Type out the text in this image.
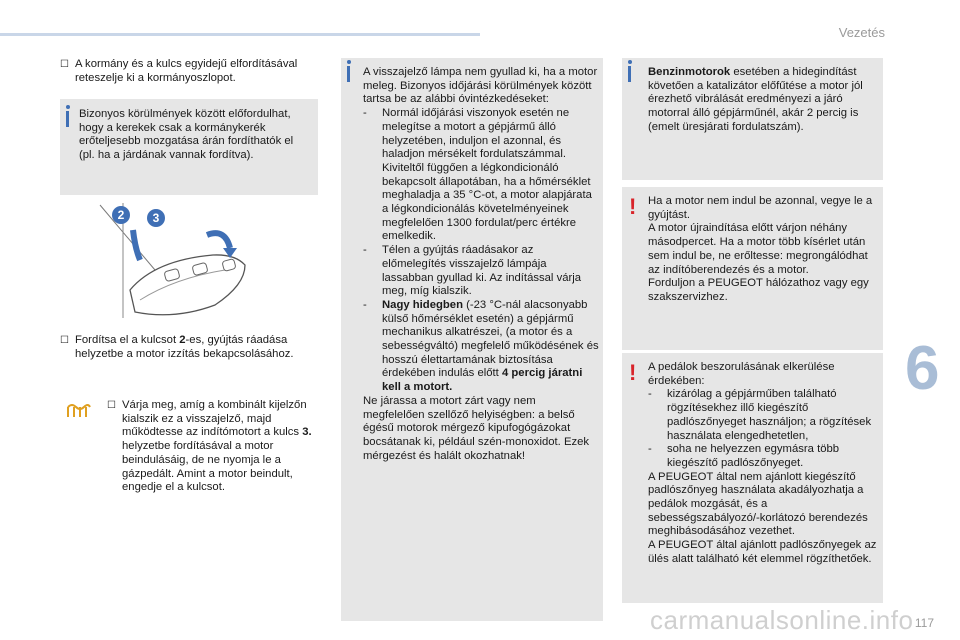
Vezetés
6
117
carmanualsonline.info
☐ A kormány és a kulcs egyidejű elfordításával reteszelje ki a kormányoszlopot.
Bizonyos körülmények között előfordulhat, hogy a kerekek csak a kormánykerék erőteljesebb mozgatása árán fordíthatók el (pl. ha a járdának vannak fordítva).
2	3
☐ Fordítsa el a kulcsot 2-es, gyújtás ráadása helyzetbe a motor izzítás bekapcsolásához.
☐ Várja meg, amíg a kombinált kijelzőn kialszik ez a visszajelző, majd működtesse az indítómotort a kulcs 3. helyzetbe fordításával a motor beindulásáig, de ne nyomja le a gázpedált. Amint a motor beindult, engedje el a kulcsot.
A visszajelző lámpa nem gyullad ki, ha a motor meleg. Bizonyos időjárási körülmények között tartsa be az alábbi óvintézkedéseket:
- Normál időjárási viszonyok esetén ne melegítse a motort a gépjármű álló helyzetében, induljon el azonnal, és haladjon mérsékelt fordulatszámmal. Kiviteltől függően a légkondicionáló bekapcsolt állapotában, ha a hőmérséklet meghaladja a 35 °C-ot, a motor alapjárata a légkondicionálás követelményeinek megfelelően 1300 fordulat/perc értékre emelkedik.
- Télen a gyújtás ráadásakor az előmelegítés visszajelző lámpája lassabban gyullad ki. Az indítással várja meg, míg kialszik.
- Nagy hidegben (-23 °C-nál alacsonyabb külső hőmérséklet esetén) a gépjármű mechanikus alkatrészei, (a motor és a sebességváltó) megfelelő működésének és hosszú élettartamának biztosítása érdekében indulás előtt 4 percig járatni kell a motort.
Ne járassa a motort zárt vagy nem megfelelően szellőző helyiségben: a belső égésű motorok mérgező kipufogógázokat bocsátanak ki, például szén-monoxidot. Ezek mérgezést és halált okozhatnak!
Benzinmotorok esetében a hidegindítást követően a katalizátor előfűtése a motor jól érezhető vibrálását eredményezi a járó motorral álló gépjárműnél, akár 2 percig is (emelt üresjárati fordulatszám).
! Ha a motor nem indul be azonnal, vegye le a gyújtást.
A motor újraindítása előtt várjon néhány másodpercet. Ha a motor több kísérlet után sem indul be, ne erőltesse: megrongálódhat az indítóberendezés és a motor.
Forduljon a PEUGEOT hálózathoz vagy egy szakszervizhez.
! A pedálok beszorulásának elkerülése érdekében:
- kizárólag a gépjárműben található rögzítésekhez illő kiegészítő padlószőnyeget használjon; a rögzítések használata elengedhetetlen,
- soha ne helyezzen egymásra több kiegészítő padlószőnyeget.
A PEUGEOT által nem ajánlott kiegészítő padlószőnyeg használata akadályozhatja a pedálok mozgását, és a sebességszabályozó/-korlátozó berendezés meghibásodásához vezethet.
A PEUGEOT által ajánlott padlószőnyegek az ülés alatt található két elemmel rögzíthetőek.
